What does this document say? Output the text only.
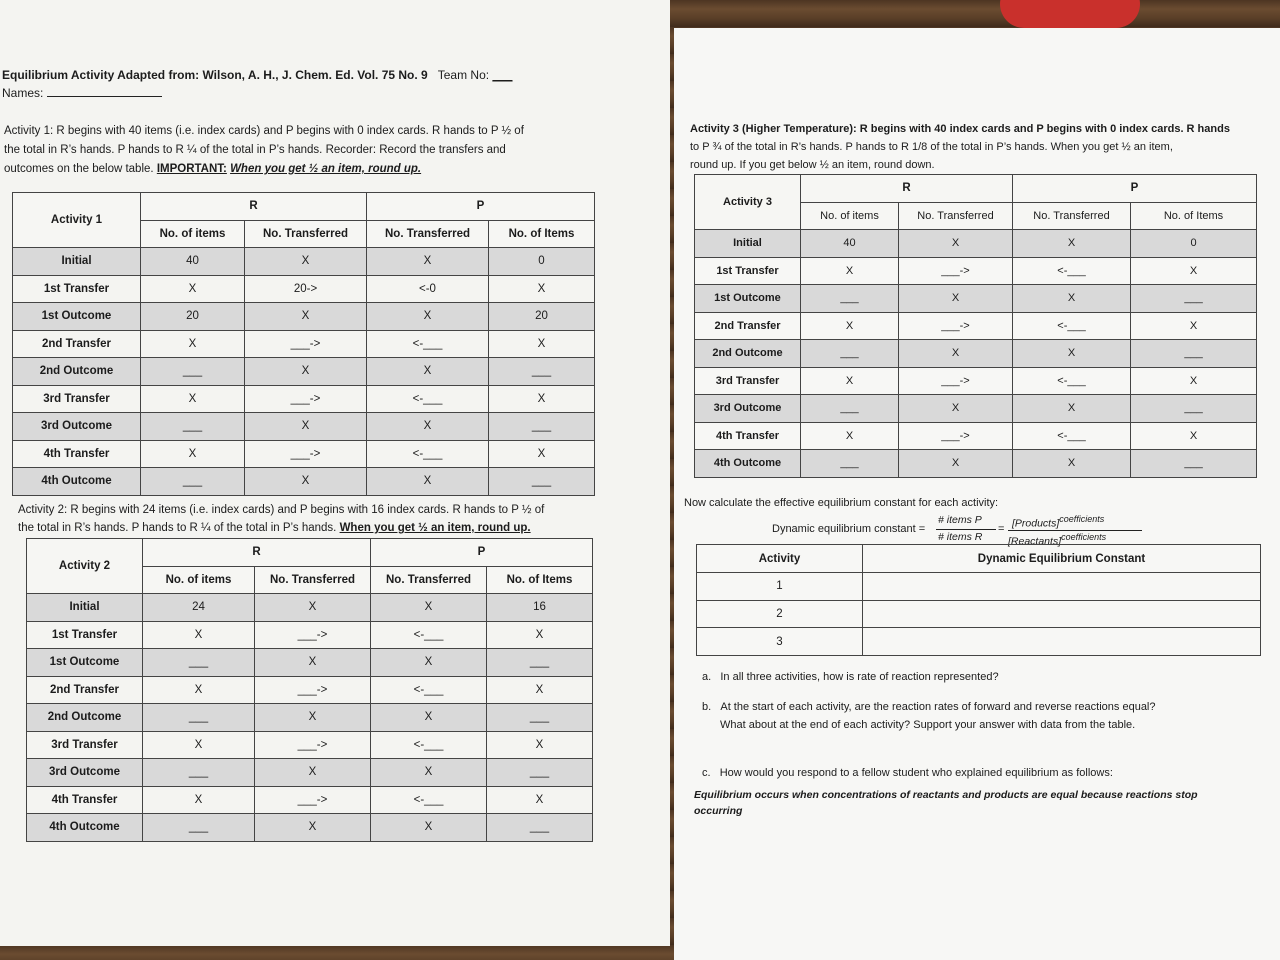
Equilibrium Activity Adapted from: Wilson, A. H., J. Chem. Ed. Vol. 75 No. 9 Team No: ___
Names:
Activity 1: R begins with 40 items (i.e. index cards) and P begins with 0 index cards. R hands to P ½ of
the total in R’s hands. P hands to R ¼ of the total in P’s hands. Recorder: Record the transfers and
outcomes on the below table. IMPORTANT: When you get ½ an item, round up.
Activity 1	R		P	
	No. of items	No. Transferred	No. Transferred	No. of Items
Initial	40	X	X	0
1st Transfer	X	20->	<-0	X
1st Outcome	20	X	X	20
2nd Transfer	X	___->	<-___	X
2nd Outcome	___	X	X	___
3rd Transfer	X	___->	<-___	X
3rd Outcome	___	X	X	___
4th Transfer	X	___->	<-___	X
4th Outcome	___	X	X	___
Activity 2: R begins with 24 items (i.e. index cards) and P begins with 16 index cards. R hands to P ½ of
the total in R’s hands. P hands to R ¼ of the total in P’s hands. When you get ½ an item, round up.
Activity 2	R		P	
	No. of items	No. Transferred	No. Transferred	No. of Items
Initial	24	X	X	16
1st Transfer	X	___->	<-___	X
1st Outcome	___	X	X	___
2nd Transfer	X	___->	<-___	X
2nd Outcome	___	X	X	___
3rd Transfer	X	___->	<-___	X
3rd Outcome	___	X	X	___
4th Transfer	X	___->	<-___	X
4th Outcome	___	X	X	___
Activity 3 (Higher Temperature): R begins with 40 index cards and P begins with 0 index cards. R hands
to P ¾ of the total in R’s hands. P hands to R 1/8 of the total in P’s hands. When you get ½ an item,
round up. If you get below ½ an item, round down.
Activity 3	R		P	
	No. of items	No. Transferred	No. Transferred	No. of Items
Initial	40	X	X	0
1st Transfer	X	___->	<-___	X
1st Outcome	___	X	X	___
2nd Transfer	X	___->	<-___	X
2nd Outcome	___	X	X	___
3rd Transfer	X	___->	<-___	X
3rd Outcome	___	X	X	___
4th Transfer	X	___->	<-___	X
4th Outcome	___	X	X	___
Now calculate the effective equilibrium constant for each activity:
Dynamic equilibrium constant =
# items P
# items R
= [Products]$^{coefficients}$
[Reactants]$^{coefficients}$
Activity	Dynamic Equilibrium Constant
1	
2	
3	
a. In all three activities, how is rate of reaction represented?
b. At the start of each activity, are the reaction rates of forward and reverse reactions equal?
What about at the end of each activity? Support your answer with data from the table.
c. How would you respond to a fellow student who explained equilibrium as follows:
Equilibrium occurs when concentrations of reactants and products are equal because reactions stop
occurring
